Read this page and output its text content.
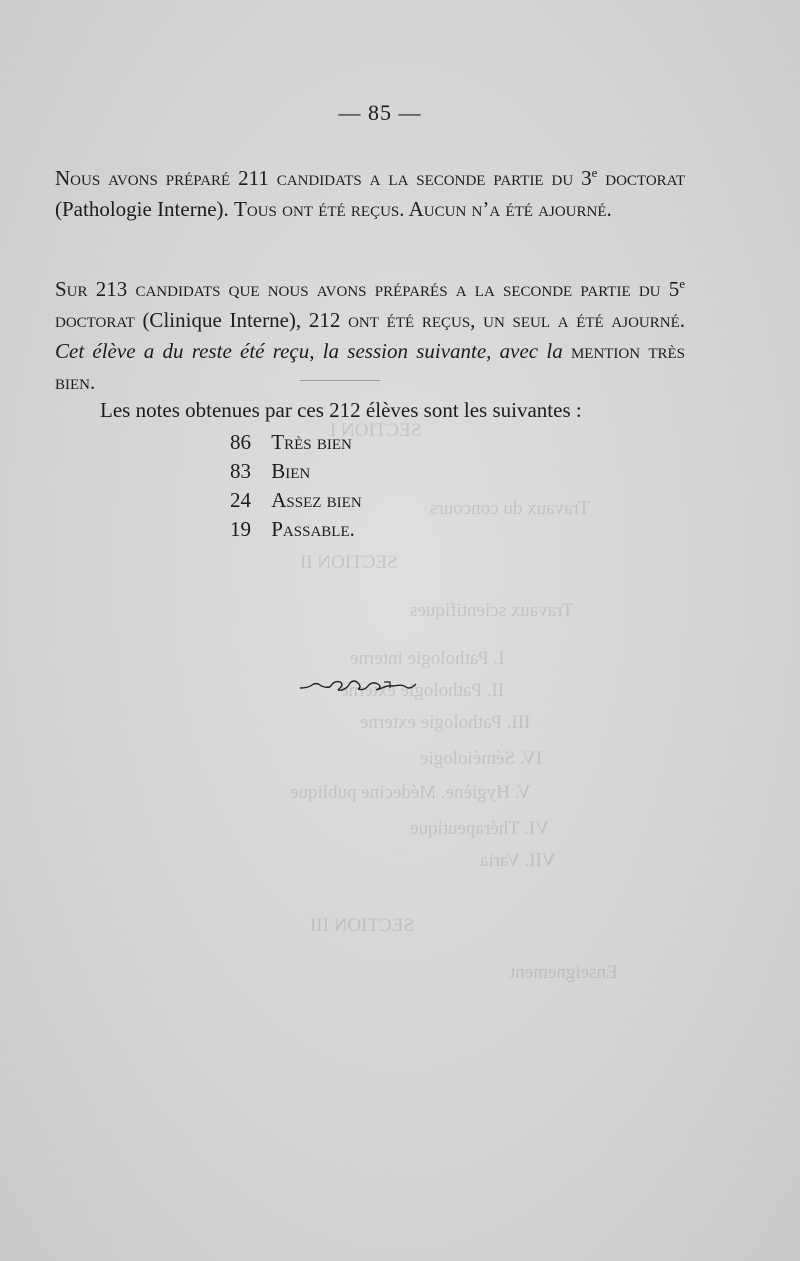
SECTION I
Travaux du concours
SECTION II
Travaux scientifiques
I. Pathologie interne
II. Pathologie externe
III. Pathologie externe
IV. Séméiologie
V. Hygiène. Médecine publique
VI. Thérapeutique
VII. Varia
SECTION III
Enseignement
— 85 —

Nous avons préparé 211 candidats a la seconde partie du 3e doctorat (Pathologie Interne). Tous ont été reçus. Aucun n’a été ajourné.

Sur 213 candidats que nous avons préparés a la seconde partie du 5e doctorat (Clinique Interne), 212 ont été reçus, un seul a été ajourné. Cet élève a du reste été reçu, la session suivante, avec la mention très bien.

Les notes obtenues par ces 212 élèves sont les suivantes :
86 Très bien
83 Bien
24 Assez bien
19 Passable.
